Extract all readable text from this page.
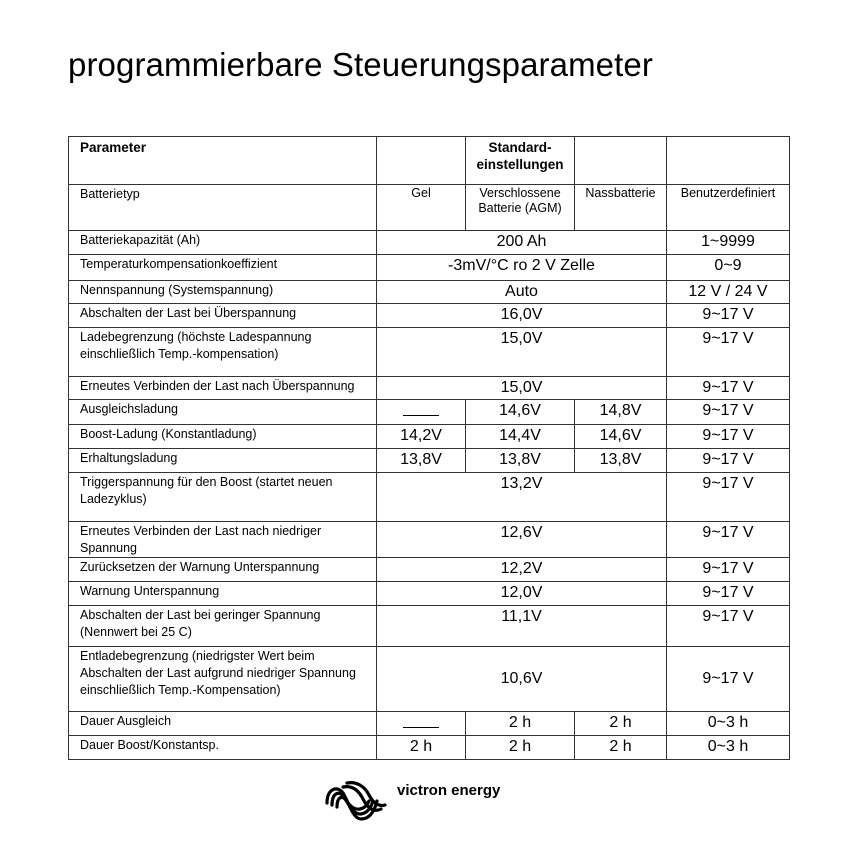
programmierbare Steuerungsparameter
Parameter		Standard-einstellungen		
Batterietyp	Gel	Verschlossene Batterie (AGM)	Nassbatterie	Benutzerdefiniert
Batteriekapazität (Ah)	200 Ah			1~9999
Temperaturkompensationkoeffizient	-3mV/°C ro 2 V Zelle			0~9
Nennspannung (Systemspannung)	Auto			12 V / 24 V
Abschalten der Last bei Überspannung	16,0V			9~17 V
Ladebegrenzung (höchste Ladespannung einschließlich Temp.-kompensation)	15,0V			9~17 V
Erneutes Verbinden der Last nach Überspannung	15,0V			9~17 V
Ausgleichsladung		14,6V	14,8V	9~17 V
Boost-Ladung (Konstantladung)	14,2V	14,4V	14,6V	9~17 V
Erhaltungsladung	13,8V	13,8V	13,8V	9~17 V
Triggerspannung für den Boost (startet neuen Ladezyklus)	13,2V			9~17 V
Erneutes Verbinden der Last nach niedriger Spannung	12,6V			9~17 V
Zurücksetzen der Warnung Unterspannung	12,2V			9~17 V
Warnung Unterspannung	12,0V			9~17 V
Abschalten der Last bei geringer Spannung (Nennwert bei 25 C)	11,1V			9~17 V
Entladebegrenzung (niedrigster Wert beim Abschalten der Last aufgrund niedriger Spannung einschließlich Temp.-Kompensation)	10,6V			9~17 V
Dauer Ausgleich		2 h	2 h	0~3 h
Dauer Boost/Konstantsp.	2 h	2 h	2 h	0~3 h
victron energy
